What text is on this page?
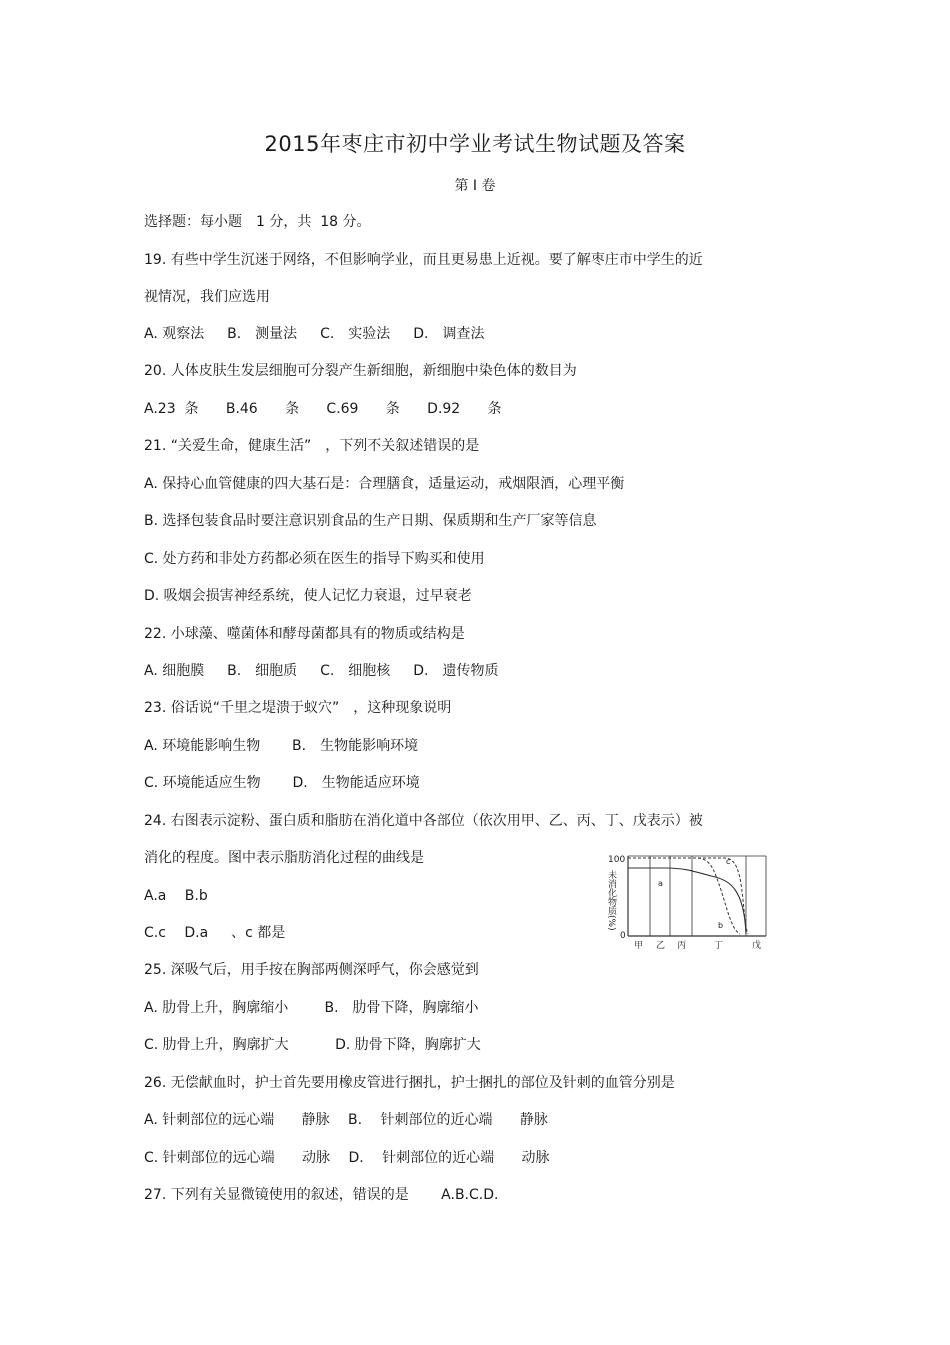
2015年枣庄市初中学业考试生物试题及答案
第 Ⅰ 卷
选择题：每小题　1 分，共  18 分。
19. 有些中学生沉迷于网络，不但影响学业，而且更易患上近视。要了解枣庄市中学生的近
视情况，我们应选用
A. 观察法　  B.　测量法　  C.　实验法　  D.　调查法
20. 人体皮肤生发层细胞可分裂产生新细胞，新细胞中染色体的数目为
A.23  条　   B.46　   条　   C.69　   条　   D.92　   条
21. “关爱生命，健康生活”　，下列不关叙述错误的是
A. 保持心血管健康的四大基石是：合理膳食，适量运动，戒烟限酒，心理平衡
B. 选择包装食品时要注意识别食品的生产日期、保质期和生产厂家等信息
C. 处方药和非处方药都必须在医生的指导下购买和使用
D. 吸烟会损害神经系统，使人记忆力衰退，过早衰老
22. 小球藻、噬菌体和酵母菌都具有的物质或结构是
A. 细胞膜　  B.　细胞质　  C.　细胞核　  D.　遗传物质
23. 俗话说“千里之堤溃于蚁穴”　，这种现象说明
A. 环境能影响生物　    B.　生物能影响环境
C. 环境能适应生物　    D.　生物能适应环境
24. 右图表示淀粉、蛋白质和脂肪在消化道中各部位（依次用甲、乙、丙、丁、戊表示）被
消化的程度。图中表示脂肪消化过程的曲线是
A.a　 B.b
C.c　 D.a　  、c 都是
25. 深吸气后，用手按在胸部两侧深呼气，你会感觉到
A. 肋骨上升，胸廓缩小　     B.　肋骨下降，胸廓缩小
C. 肋骨上升，胸廓扩大　　　 D. 肋骨下降，胸廓扩大
26. 无偿献血时，护士首先要用橡皮管进行捆扎，护士捆扎的部位及针刺的血管分别是
A. 针刺部位的远心端　   静脉　 B.　 针刺部位的近心端　   静脉
C. 针刺部位的远心端　   动脉　 D.　 针刺部位的近心端　   动脉
27. 下列有关显微镜使用的叙述，错误的是　　 A.B.C.D.
100
0
未消化物质(%)	a
b
c
甲 乙 丙	丁	戊
